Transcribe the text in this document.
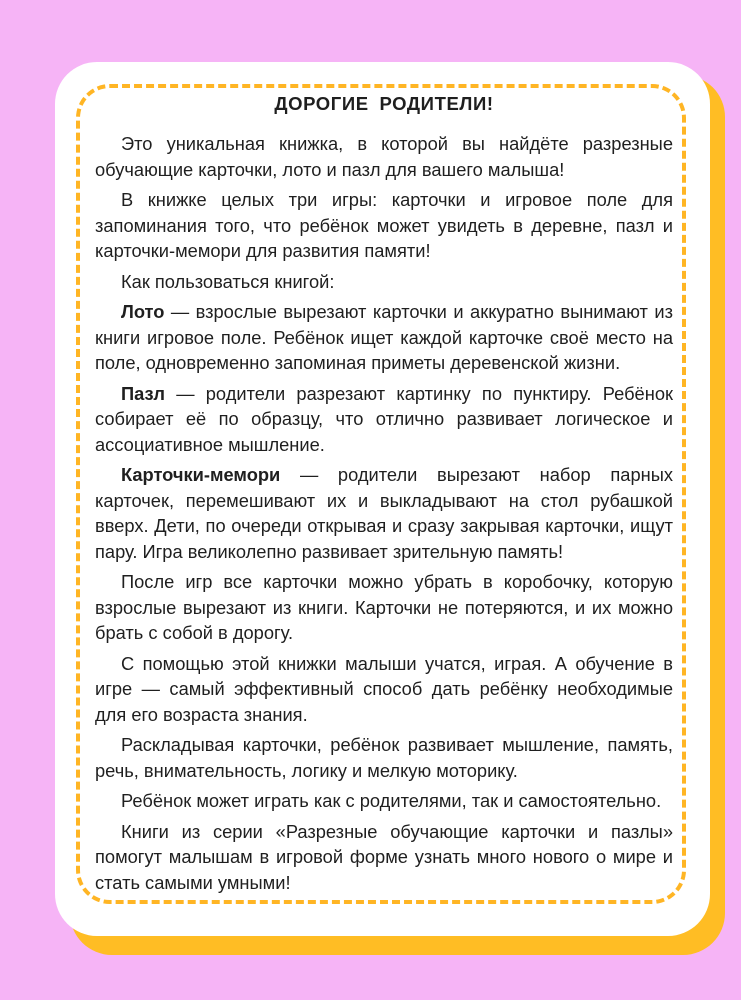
ДОРОГИЕ РОДИТЕЛИ!

Это уникальная книжка, в которой вы найдёте разрезные обучающие карточки, лото и пазл для вашего малыша!

В книжке целых три игры: карточки и игровое поле для запоминания того, что ребёнок может увидеть в деревне, пазл и карточки-мемори для развития памяти!

Как пользоваться книгой:

Лото — взрослые вырезают карточки и аккуратно вынимают из книги игровое поле. Ребёнок ищет каждой карточке своё место на поле, одновременно запоминая приметы деревенской жизни.

Пазл — родители разрезают картинку по пунктиру. Ребёнок собирает её по образцу, что отлично развивает логическое и ассоциативное мышление.

Карточки-мемори — родители вырезают набор парных карточек, перемешивают их и выкладывают на стол рубашкой вверх. Дети, по очереди открывая и сразу закрывая карточки, ищут пару. Игра великолепно развивает зрительную память!

После игр все карточки можно убрать в коробочку, которую взрослые вырезают из книги. Карточки не потеряются, и их можно брать с собой в дорогу.

С помощью этой книжки малыши учатся, играя. А обучение в игре — самый эффективный способ дать ребёнку необходимые для его возраста знания.

Раскладывая карточки, ребёнок развивает мышление, память, речь, внимательность, логику и мелкую моторику.

Ребёнок может играть как с родителями, так и самостоятельно.

Книги из серии «Разрезные обучающие карточки и пазлы» помогут малышам в игровой форме узнать много нового о мире и стать самыми умными!
